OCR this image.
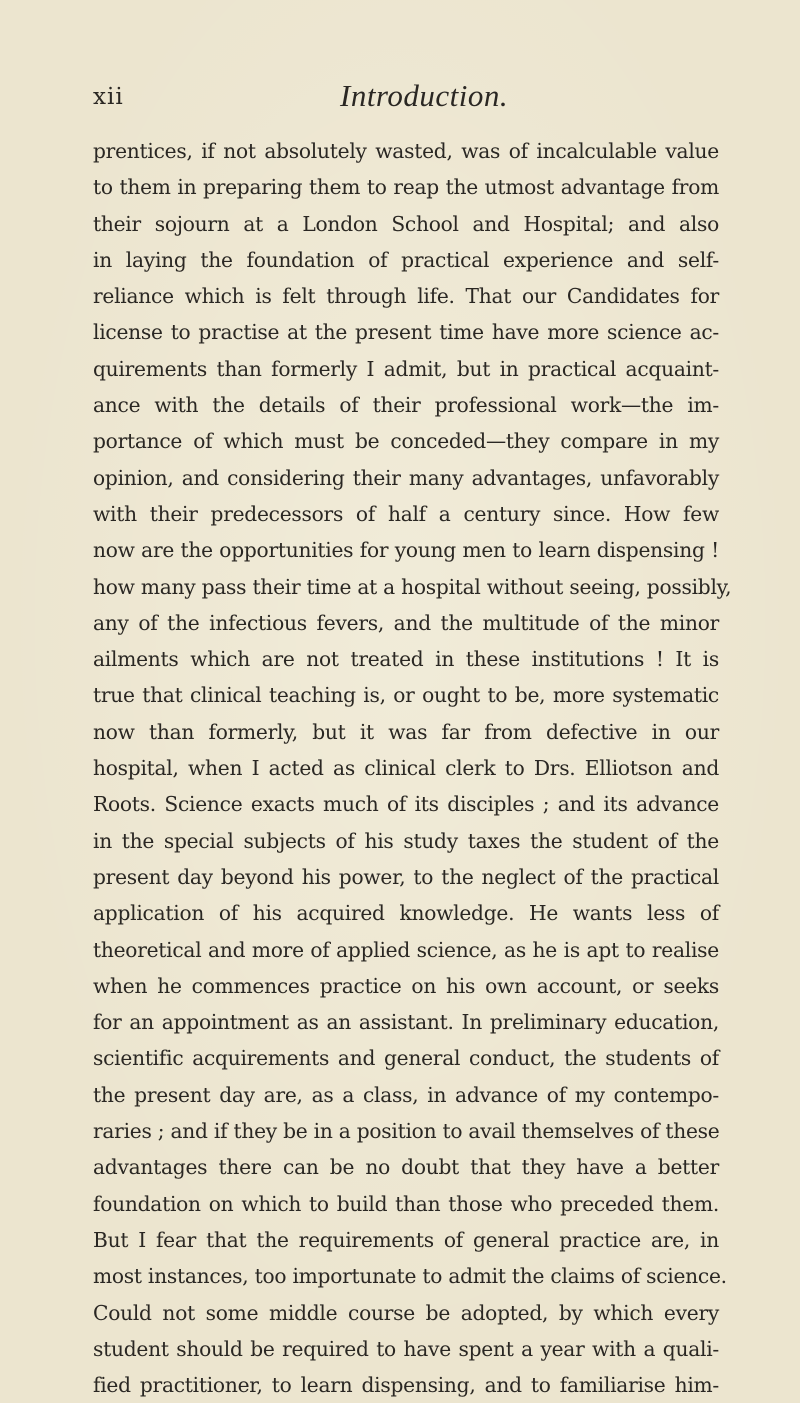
xii	Introduction.
prentices, if not absolutely wasted, was of incalculable value
to them in preparing them to reap the utmost advantage from
their sojourn at a London School and Hospital; and also
in laying the foundation of practical experience and self-
reliance which is felt through life. That our Candidates for
license to practise at the present time have more science ac-
quirements than formerly I admit, but in practical acquaint-
ance with the details of their professional work—the im-
portance of which must be conceded—they compare in my
opinion, and considering their many advantages, unfavorably
with their predecessors of half a century since. How few
now are the opportunities for young men to learn dispensing !
how many pass their time at a hospital without seeing, possibly,
any of the infectious fevers, and the multitude of the minor
ailments which are not treated in these institutions ! It is
true that clinical teaching is, or ought to be, more systematic
now than formerly, but it was far from defective in our
hospital, when I acted as clinical clerk to Drs. Elliotson and
Roots. Science exacts much of its disciples ; and its advance
in the special subjects of his study taxes the student of the
present day beyond his power, to the neglect of the practical
application of his acquired knowledge. He wants less of
theoretical and more of applied science, as he is apt to realise
when he commences practice on his own account, or seeks
for an appointment as an assistant. In preliminary education,
scientific acquirements and general conduct, the students of
the present day are, as a class, in advance of my contempo-
raries ; and if they be in a position to avail themselves of these
advantages there can be no doubt that they have a better
foundation on which to build than those who preceded them.
But I fear that the requirements of general practice are, in
most instances, too importunate to admit the claims of science.
Could not some middle course be adopted, by which every
student should be required to have spent a year with a quali-
fied practitioner, to learn dispensing, and to familiarise him-
